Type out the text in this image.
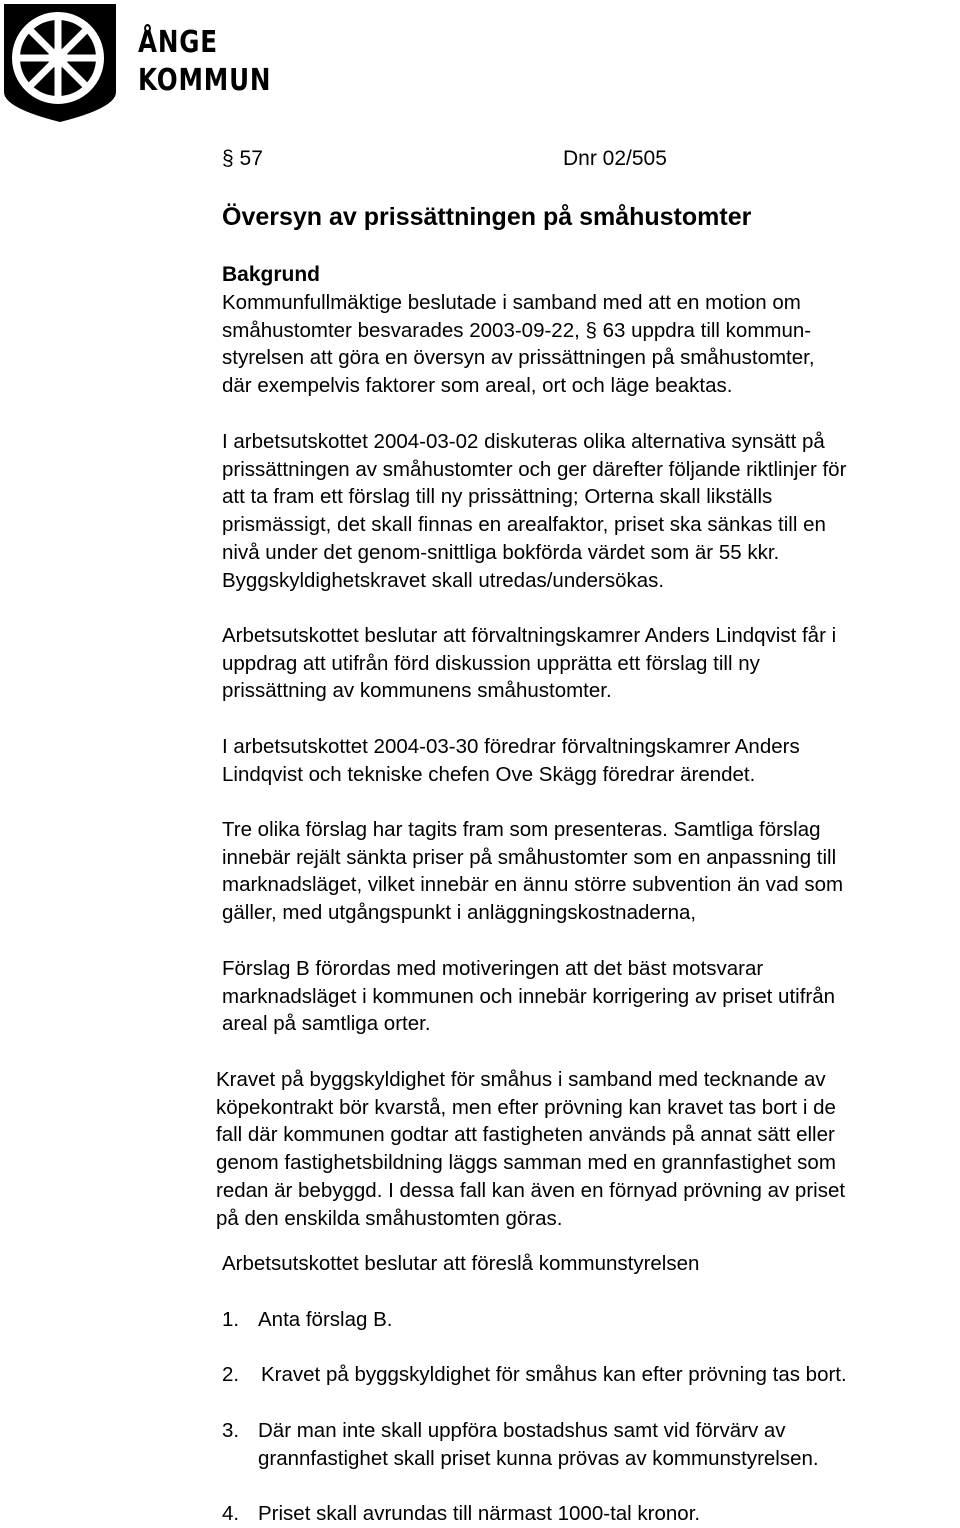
ÅNGE
KOMMUN
§ 57	Dnr 02/505
Översyn av prissättningen på småhustomter
Bakgrund

Kommunfullmäktige beslutade i samband med att en motion om

småhustomter besvarades 2003-09-22, § 63 uppdra till kommun-

styrelsen att göra en översyn av prissättningen på småhustomter,

där exempelvis faktorer som areal, ort och läge beaktas.

I arbetsutskottet 2004-03-02 diskuteras olika alternativa synsätt på

prissättningen av småhustomter och ger därefter följande riktlinjer för

att ta fram ett förslag till ny prissättning; Orterna skall likställs

prismässigt, det skall finnas en arealfaktor, priset ska sänkas till en

nivå under det genom-snittliga bokförda värdet som är 55 kkr.

Byggskyldighetskravet skall utredas/undersökas.

Arbetsutskottet beslutar att förvaltningskamrer Anders Lindqvist får i

uppdrag att utifrån förd diskussion upprätta ett förslag till ny

prissättning av kommunens småhustomter.

I arbetsutskottet 2004-03-30 föredrar förvaltningskamrer Anders

Lindqvist och tekniske chefen Ove Skägg föredrar ärendet.

Tre olika förslag har tagits fram som presenteras. Samtliga förslag

innebär rejält sänkta priser på småhustomter som en anpassning till

marknadsläget, vilket innebär en ännu större subvention än vad som

gäller, med utgångspunkt i anläggningskostnaderna,

Förslag B förordas med motiveringen att det bäst motsvarar

marknadsläget i kommunen och innebär korrigering av priset utifrån

areal på samtliga orter.

Kravet på byggskyldighet för småhus i samband med tecknande av

köpekontrakt bör kvarstå, men efter prövning kan kravet tas bort i de

fall där kommunen godtar att fastigheten används på annat sätt eller

genom fastighetsbildning läggs samman med en grannfastighet som

redan är bebyggd. I dessa fall kan även en förnyad prövning av priset

på den enskilda småhustomten göras.

Arbetsutskottet beslutar att föreslå kommunstyrelsen

1. Anta förslag B.

2. Kravet på byggskyldighet för småhus kan efter prövning tas bort.

3. Där man inte skall uppföra bostadshus samt vid förvärv av

grannfastighet skall priset kunna prövas av kommunstyrelsen.

4. Priset skall avrundas till närmast 1000-tal kronor.
